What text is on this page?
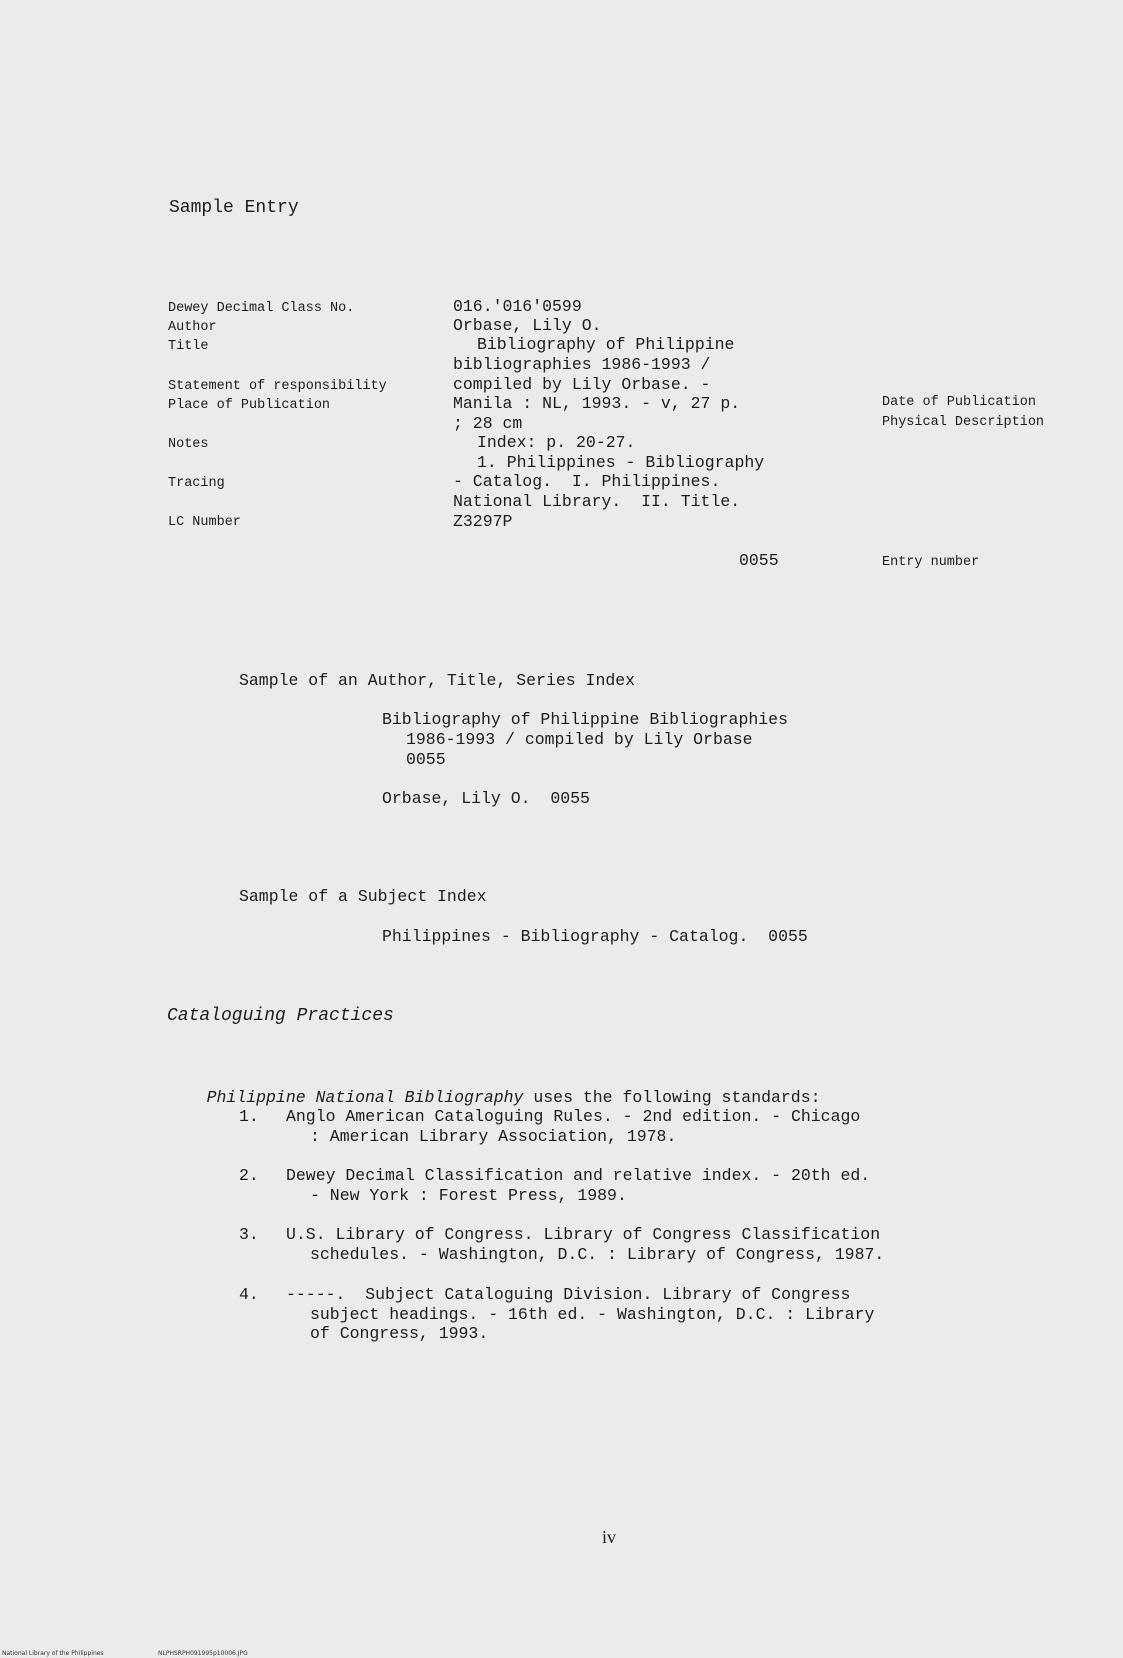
Sample Entry
Dewey Decimal Class No.
Author
Title
Statement of responsibility
Place of Publication
Notes
Tracing
LC Number
016.'016'0599
Orbase, Lily O.
Bibliography of Philippine
bibliographies 1986-1993 /
compiled by Lily Orbase. -
Manila : NL, 1993. - v, 27 p.
; 28 cm
Index: p. 20-27.
1. Philippines - Bibliography
- Catalog.  I. Philippines.
National Library.  II. Title.
Z3297P
0055
Date of Publication
Physical Description
Entry number
Sample of an Author, Title, Series Index
Bibliography of Philippine Bibliographies
1986-1993 / compiled by Lily Orbase
0055
Orbase, Lily O.  0055
Sample of a Subject Index
Philippines - Bibliography - Catalog.  0055
Cataloguing Practices

Philippine National Bibliography uses the following standards:

1. Anglo American Cataloguing Rules. - 2nd edition. - Chicago
: American Library Association, 1978.
2. Dewey Decimal Classification and relative index. - 20th ed.
- New York : Forest Press, 1989.
3. U.S. Library of Congress. Library of Congress Classification
schedules. - Washington, D.C. : Library of Congress, 1987.
4. -----.  Subject Cataloguing Division. Library of Congress
subject headings. - 16th ed. - Washington, D.C. : Library
of Congress, 1993.
iv
National Library of the Philippines	NLPHSRPH091995p10006.JPG
